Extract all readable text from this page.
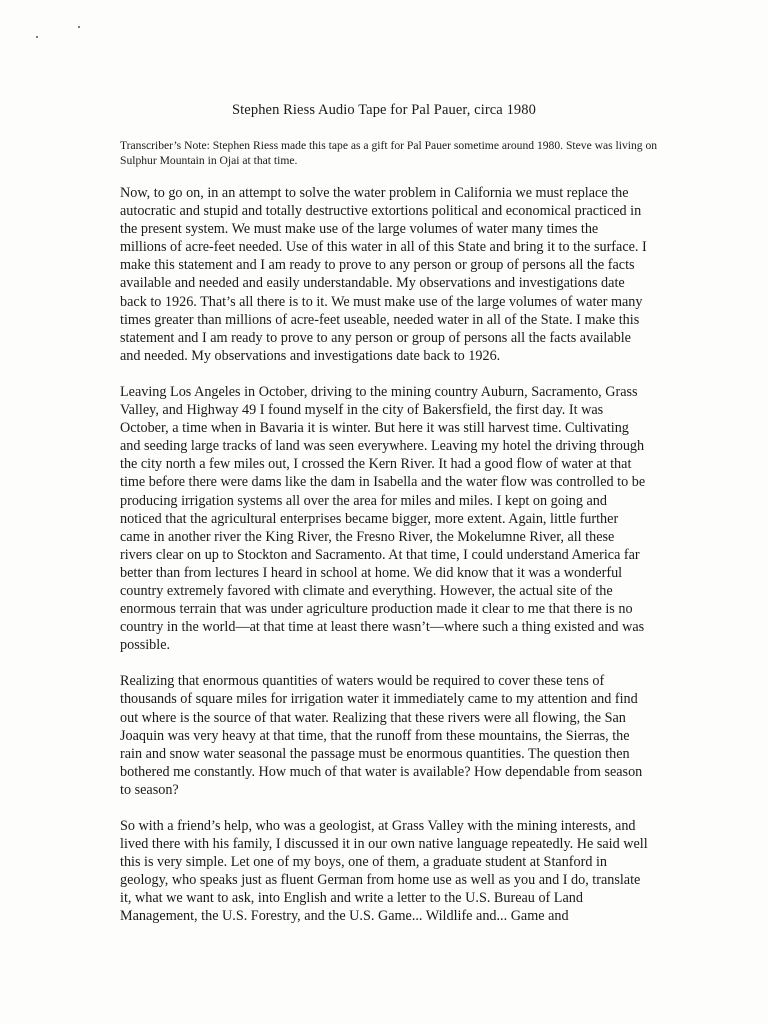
Stephen Riess Audio Tape for Pal Pauer, circa 1980
Transcriber’s Note: Stephen Riess made this tape as a gift for Pal Pauer sometime around 1980. Steve was living on Sulphur Mountain in Ojai at that time.

Now, to go on, in an attempt to solve the water problem in California we must replace the autocratic and stupid and totally destructive extortions political and economical practiced in the present system. We must make use of the large volumes of water many times the millions of acre-feet needed. Use of this water in all of this State and bring it to the surface. I make this statement and I am ready to prove to any person or group of persons all the facts available and needed and easily understandable. My observations and investigations date back to 1926. That’s all there is to it. We must make use of the large volumes of water many times greater than millions of acre-feet useable, needed water in all of the State. I make this statement and I am ready to prove to any person or group of persons all the facts available and needed. My observations and investigations date back to 1926.

Leaving Los Angeles in October, driving to the mining country Auburn, Sacramento, Grass Valley, and Highway 49 I found myself in the city of Bakersfield, the first day. It was October, a time when in Bavaria it is winter. But here it was still harvest time. Cultivating and seeding large tracks of land was seen everywhere. Leaving my hotel the driving through the city north a few miles out, I crossed the Kern River. It had a good flow of water at that time before there were dams like the dam in Isabella and the water flow was controlled to be producing irrigation systems all over the area for miles and miles. I kept on going and noticed that the agricultural enterprises became bigger, more extent. Again, little further came in another river the King River, the Fresno River, the Mokelumne River, all these rivers clear on up to Stockton and Sacramento. At that time, I could understand America far better than from lectures I heard in school at home. We did know that it was a wonderful country extremely favored with climate and everything. However, the actual site of the enormous terrain that was under agriculture production made it clear to me that there is no country in the world—at that time at least there wasn’t—where such a thing existed and was possible.

Realizing that enormous quantities of waters would be required to cover these tens of thousands of square miles for irrigation water it immediately came to my attention and find out where is the source of that water. Realizing that these rivers were all flowing, the San Joaquin was very heavy at that time, that the runoff from these mountains, the Sierras, the rain and snow water seasonal the passage must be enormous quantities. The question then bothered me constantly. How much of that water is available? How dependable from season to season?

So with a friend’s help, who was a geologist, at Grass Valley with the mining interests, and lived there with his family, I discussed it in our own native language repeatedly. He said well this is very simple. Let one of my boys, one of them, a graduate student at Stanford in geology, who speaks just as fluent German from home use as well as you and I do, translate it, what we want to ask, into English and write a letter to the U.S. Bureau of Land Management, the U.S. Forestry, and the U.S. Game... Wildlife and... Game and
